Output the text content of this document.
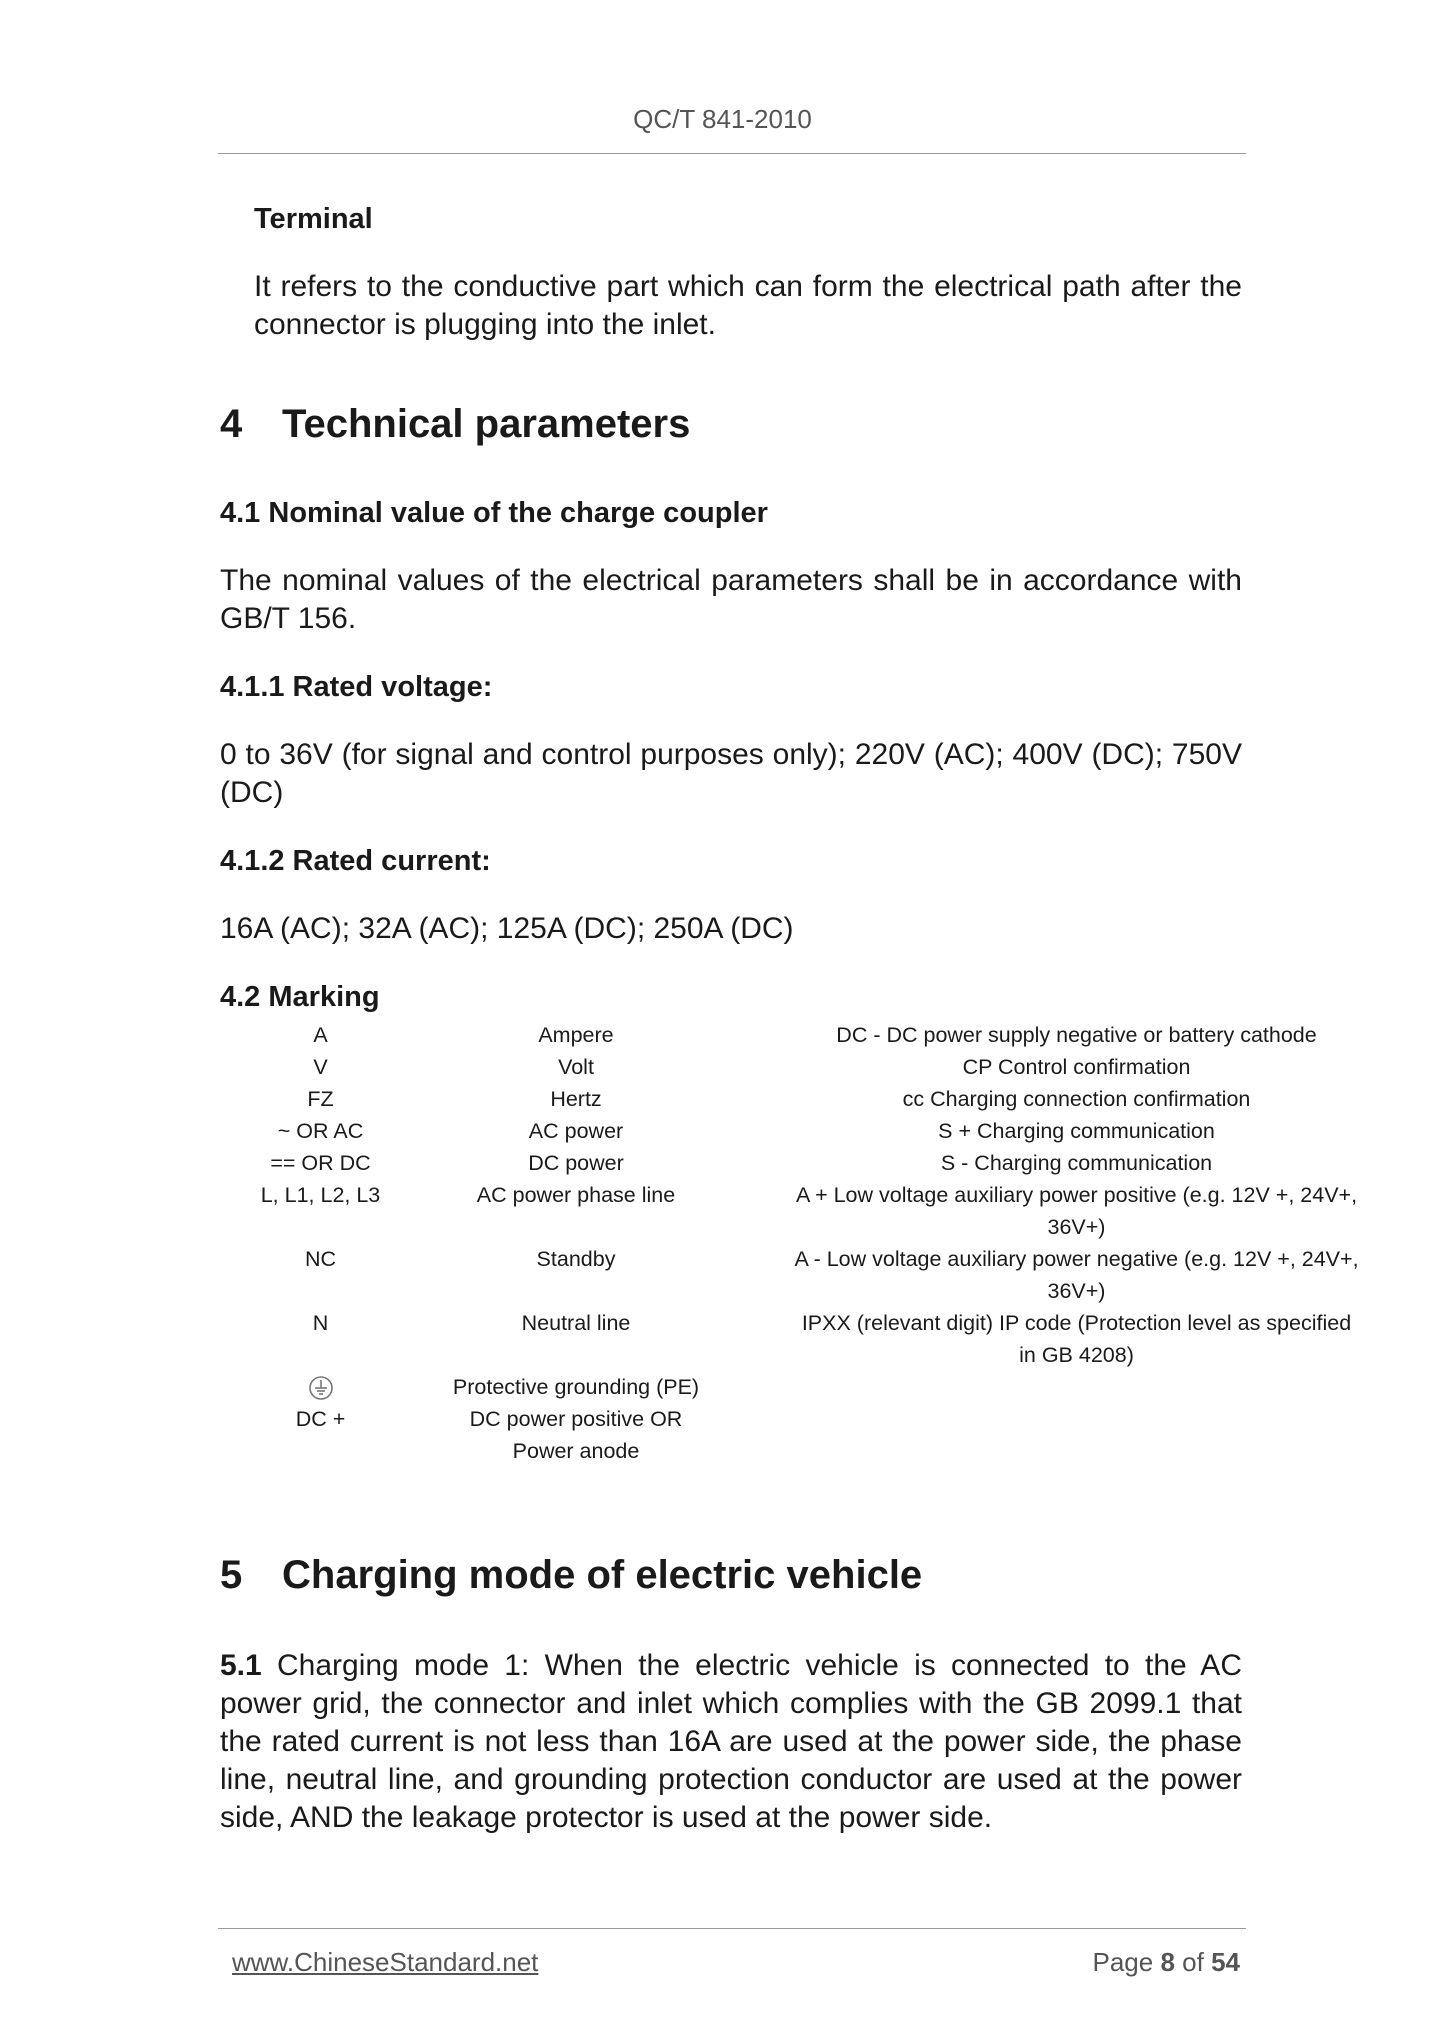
QC/T 841-2010
Terminal
It refers to the conductive part which can form the electrical path after the connector is plugging into the inlet.
4 Technical parameters
4.1 Nominal value of the charge coupler
The nominal values of the electrical parameters shall be in accordance with GB/T 156.
4.1.1 Rated voltage:
0 to 36V (for signal and control purposes only); 220V (AC); 400V (DC); 750V (DC)
4.1.2 Rated current:
16A (AC); 32A (AC); 125A (DC); 250A (DC)
4.2 Marking
A	Ampere	DC - DC power supply negative or battery cathode
V	Volt	CP Control confirmation
FZ	Hertz	cc Charging connection confirmation
~ OR AC	AC power	S + Charging communication
== OR DC	DC power	S - Charging communication
L, L1, L2, L3	AC power phase line	A + Low voltage auxiliary power positive (e.g. 12V +, 24V+, 36V+)
NC	Standby	A - Low voltage auxiliary power negative (e.g. 12V +, 24V+, 36V+)
N	Neutral line	IPXX (relevant digit) IP code (Protection level as specified in GB 4208)
	Protective grounding (PE)	
DC +	DC power positive OR Power anode	
5 Charging mode of electric vehicle
5.1 Charging mode 1: When the electric vehicle is connected to the AC power grid, the connector and inlet which complies with the GB 2099.1 that the rated current is not less than 16A are used at the power side, the phase line, neutral line, and grounding protection conductor are used at the power side, AND the leakage protector is used at the power side.
www.ChineseStandard.net	Page 8 of 54
